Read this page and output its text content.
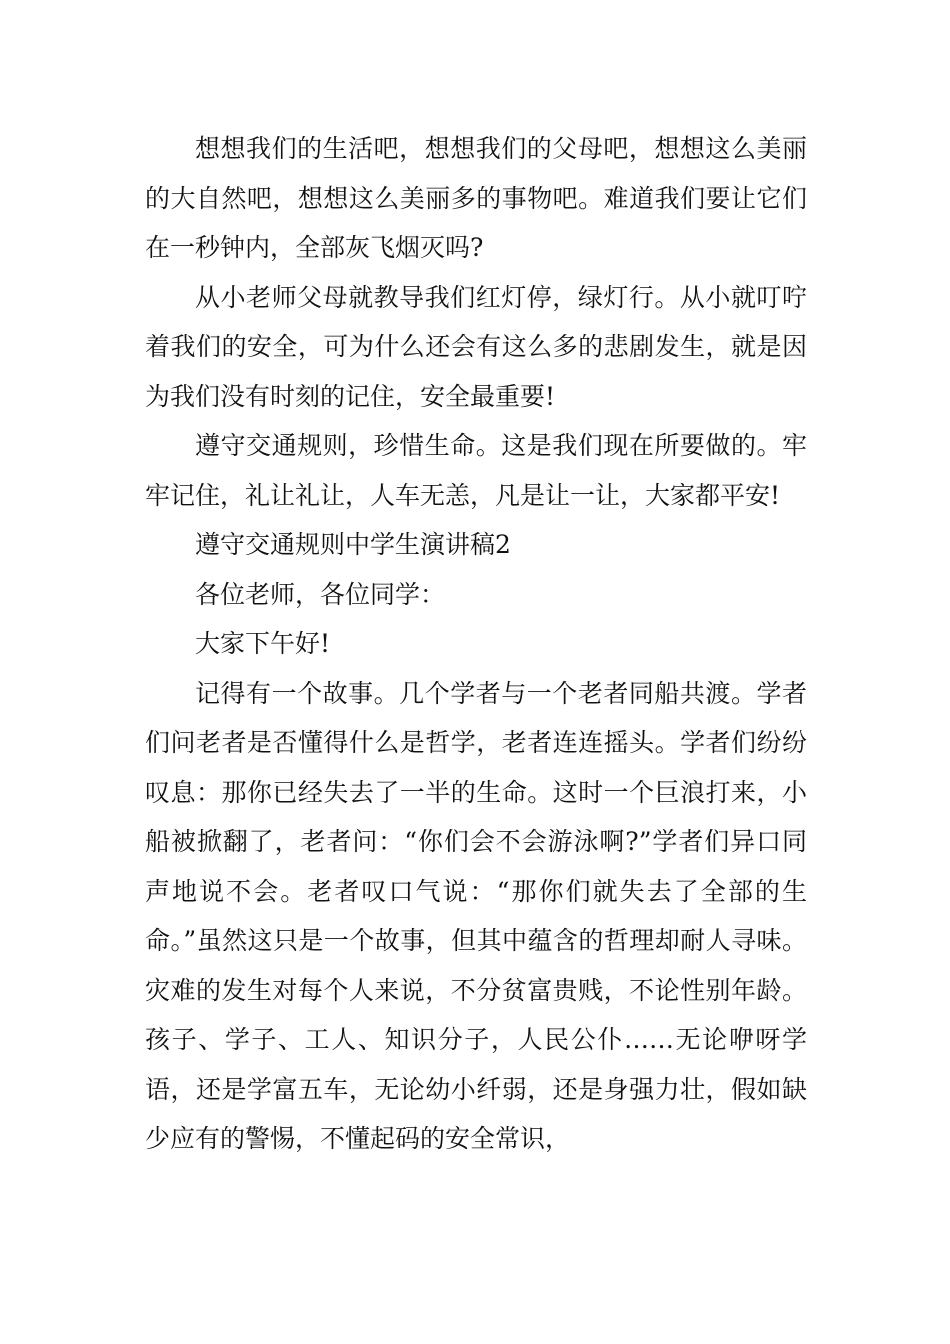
想想我们的生活吧，想想我们的父母吧，想想这么美丽的大自然吧，想想这么美丽多的事物吧。难道我们要让它们在一秒钟内，全部灰飞烟灭吗?

从小老师父母就教导我们红灯停，绿灯行。从小就叮咛着我们的安全，可为什么还会有这么多的悲剧发生，就是因为我们没有时刻的记住，安全最重要!

遵守交通规则，珍惜生命。这是我们现在所要做的。牢牢记住，礼让礼让，人车无恙，凡是让一让，大家都平安!

遵守交通规则中学生演讲稿2

各位老师，各位同学：

大家下午好!

记得有一个故事。几个学者与一个老者同船共渡。学者们问老者是否懂得什么是哲学，老者连连摇头。学者们纷纷叹息：那你已经失去了一半的生命。这时一个巨浪打来，小船被掀翻了，老者问：“你们会不会游泳啊?”学者们异口同声地说不会。老者叹口气说：“那你们就失去了全部的生命。”虽然这只是一个故事，但其中蕴含的哲理却耐人寻味。灾难的发生对每个人来说，不分贫富贵贱，不论性别年龄。孩子、学子、工人、知识分子，人民公仆……无论咿呀学语，还是学富五车，无论幼小纤弱，还是身强力壮，假如缺少应有的警惕，不懂起码的安全常识，
